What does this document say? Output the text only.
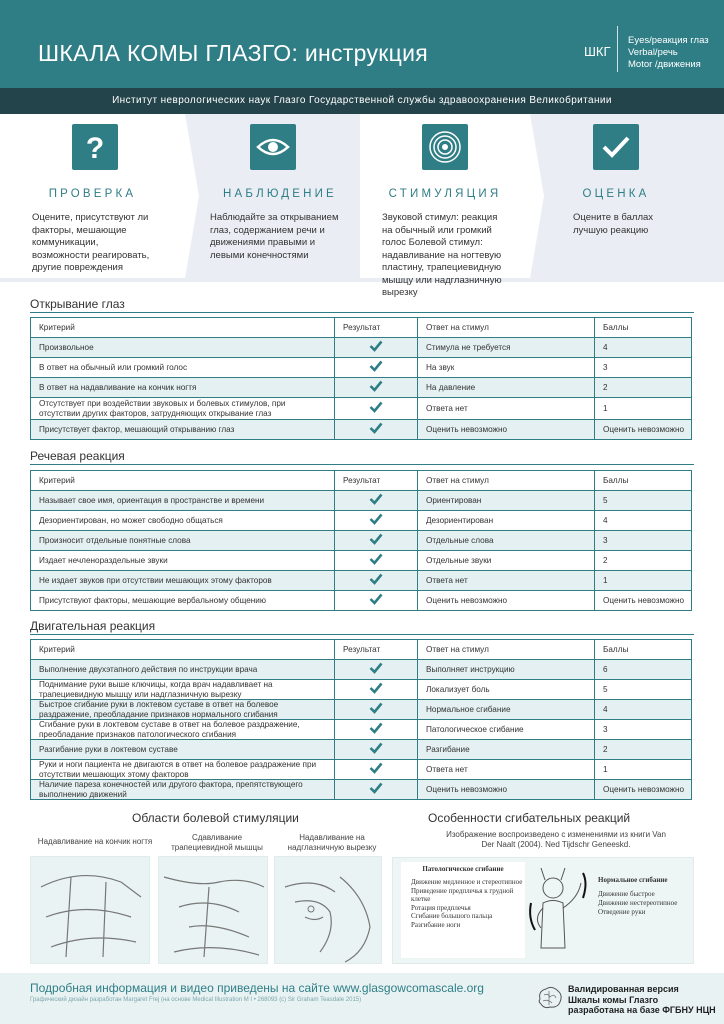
ШКАЛА КОМЫ ГЛАЗГО: инструкция	ШКГ
Eyes/реакция глаз
Verbal/речь
Motor /движения
Институт неврологических наук Глазго Государственной службы здравоохранения Великобритании
?
ПРОВЕРКА
Оцените, присутствуют ли факторы, мешающие коммуникации, возможности реагировать, другие повреждения
НАБЛЮДЕНИЕ
Наблюдайте за открыванием глаз, содержанием речи и движениями правыми и левыми конечностями
СТИМУЛЯЦИЯ
Звуковой стимул: реакция на обычный или громкий голос Болевой стимул: надавливание на ногтевую пластину, трапециевидную мышцу или надглазничную вырезку
ОЦЕНКА
Оцените в баллах лучшую реакцию
Открывание глаз
Критерий	Результат	Ответ на стимул	Баллы
Произвольное		Стимула не требуется	4
В ответ на обычный или громкий голос		На звук	3
В ответ на надавливание на кончик ногтя		На давление	2
Отсутствует при воздействии звуковых и болевых стимулов, при отсутствии других факторов, затрудняющих открывание глаз		Ответа нет	1
Присутствует фактор, мешающий открыванию глаз		Оценить невозможно	Оценить невозможно
Речевая реакция
Критерий	Результат	Ответ на стимул	Баллы
Называет свое имя, ориентация в пространстве и времени		Ориентирован	5
Дезориентирован, но может свободно общаться		Дезориентирован	4
Произносит отдельные понятные слова		Отдельные слова	3
Издает нечленораздельные звуки		Отдельные звуки	2
Не издает звуков при отсутствии мешающих этому факторов		Ответа нет	1
Присутствуют факторы, мешающие вербальному общению		Оценить невозможно	Оценить невозможно
Двигательная реакция
Критерий	Результат	Ответ на стимул	Баллы
Выполнение двухэтапного действия по инструкции врача		Выполняет инструкцию	6
Поднимание руки выше ключицы, когда врач надавливает на трапециевидную мышцу или надглазничную вырезку		Локализует боль	5
Быстрое сгибание руки в локтевом суставе в ответ на болевое раздражение, преобладание признаков нормального сгибания		Нормальное сгибание	4
Сгибание руки в локтевом суставе в ответ на болевое раздражение, преобладание признаков патологического сгибания		Патологическое сгибание	3
Разгибание руки в локтевом суставе		Разгибание	2
Руки и ноги пациента не двигаются в ответ на болевое раздражение при отсутствии мешающих этому факторов		Ответа нет	1
Наличие пареза конечностей или другого фактора, препятствующего выполнению движений		Оценить невозможно	Оценить невозможно
Области болевой стимуляции
Надавливание на кончик ногтя	Сдавливание трапециевидной мышцы
Надавливание на надглазничную вырезку
Особенности сгибательных реакций
Изображение воспроизведено с изменениями из книги Van Der Naalt (2004). Ned Tijdschr Geneeskd.
Патологическое сгибание
Движение медленное и стереотипное
Приведение предплечья к грудной клетке
Ротация предплечья
Сгибание большого пальца
Разгибание ноги
Нормальное сгибание
Движение быстрое
Движение нестереотипное
Отведение руки
Подробная информация и видео приведены на сайте www.glasgowcomascale.org
Графический дизайн разработан Margaret Frej (на основе Medical Illustration M I • 268093 (c) Sir Graham Teasdale 2015)
Валидированная версия
Шкалы комы Глазго
разработана на базе ФГБНУ НЦН
